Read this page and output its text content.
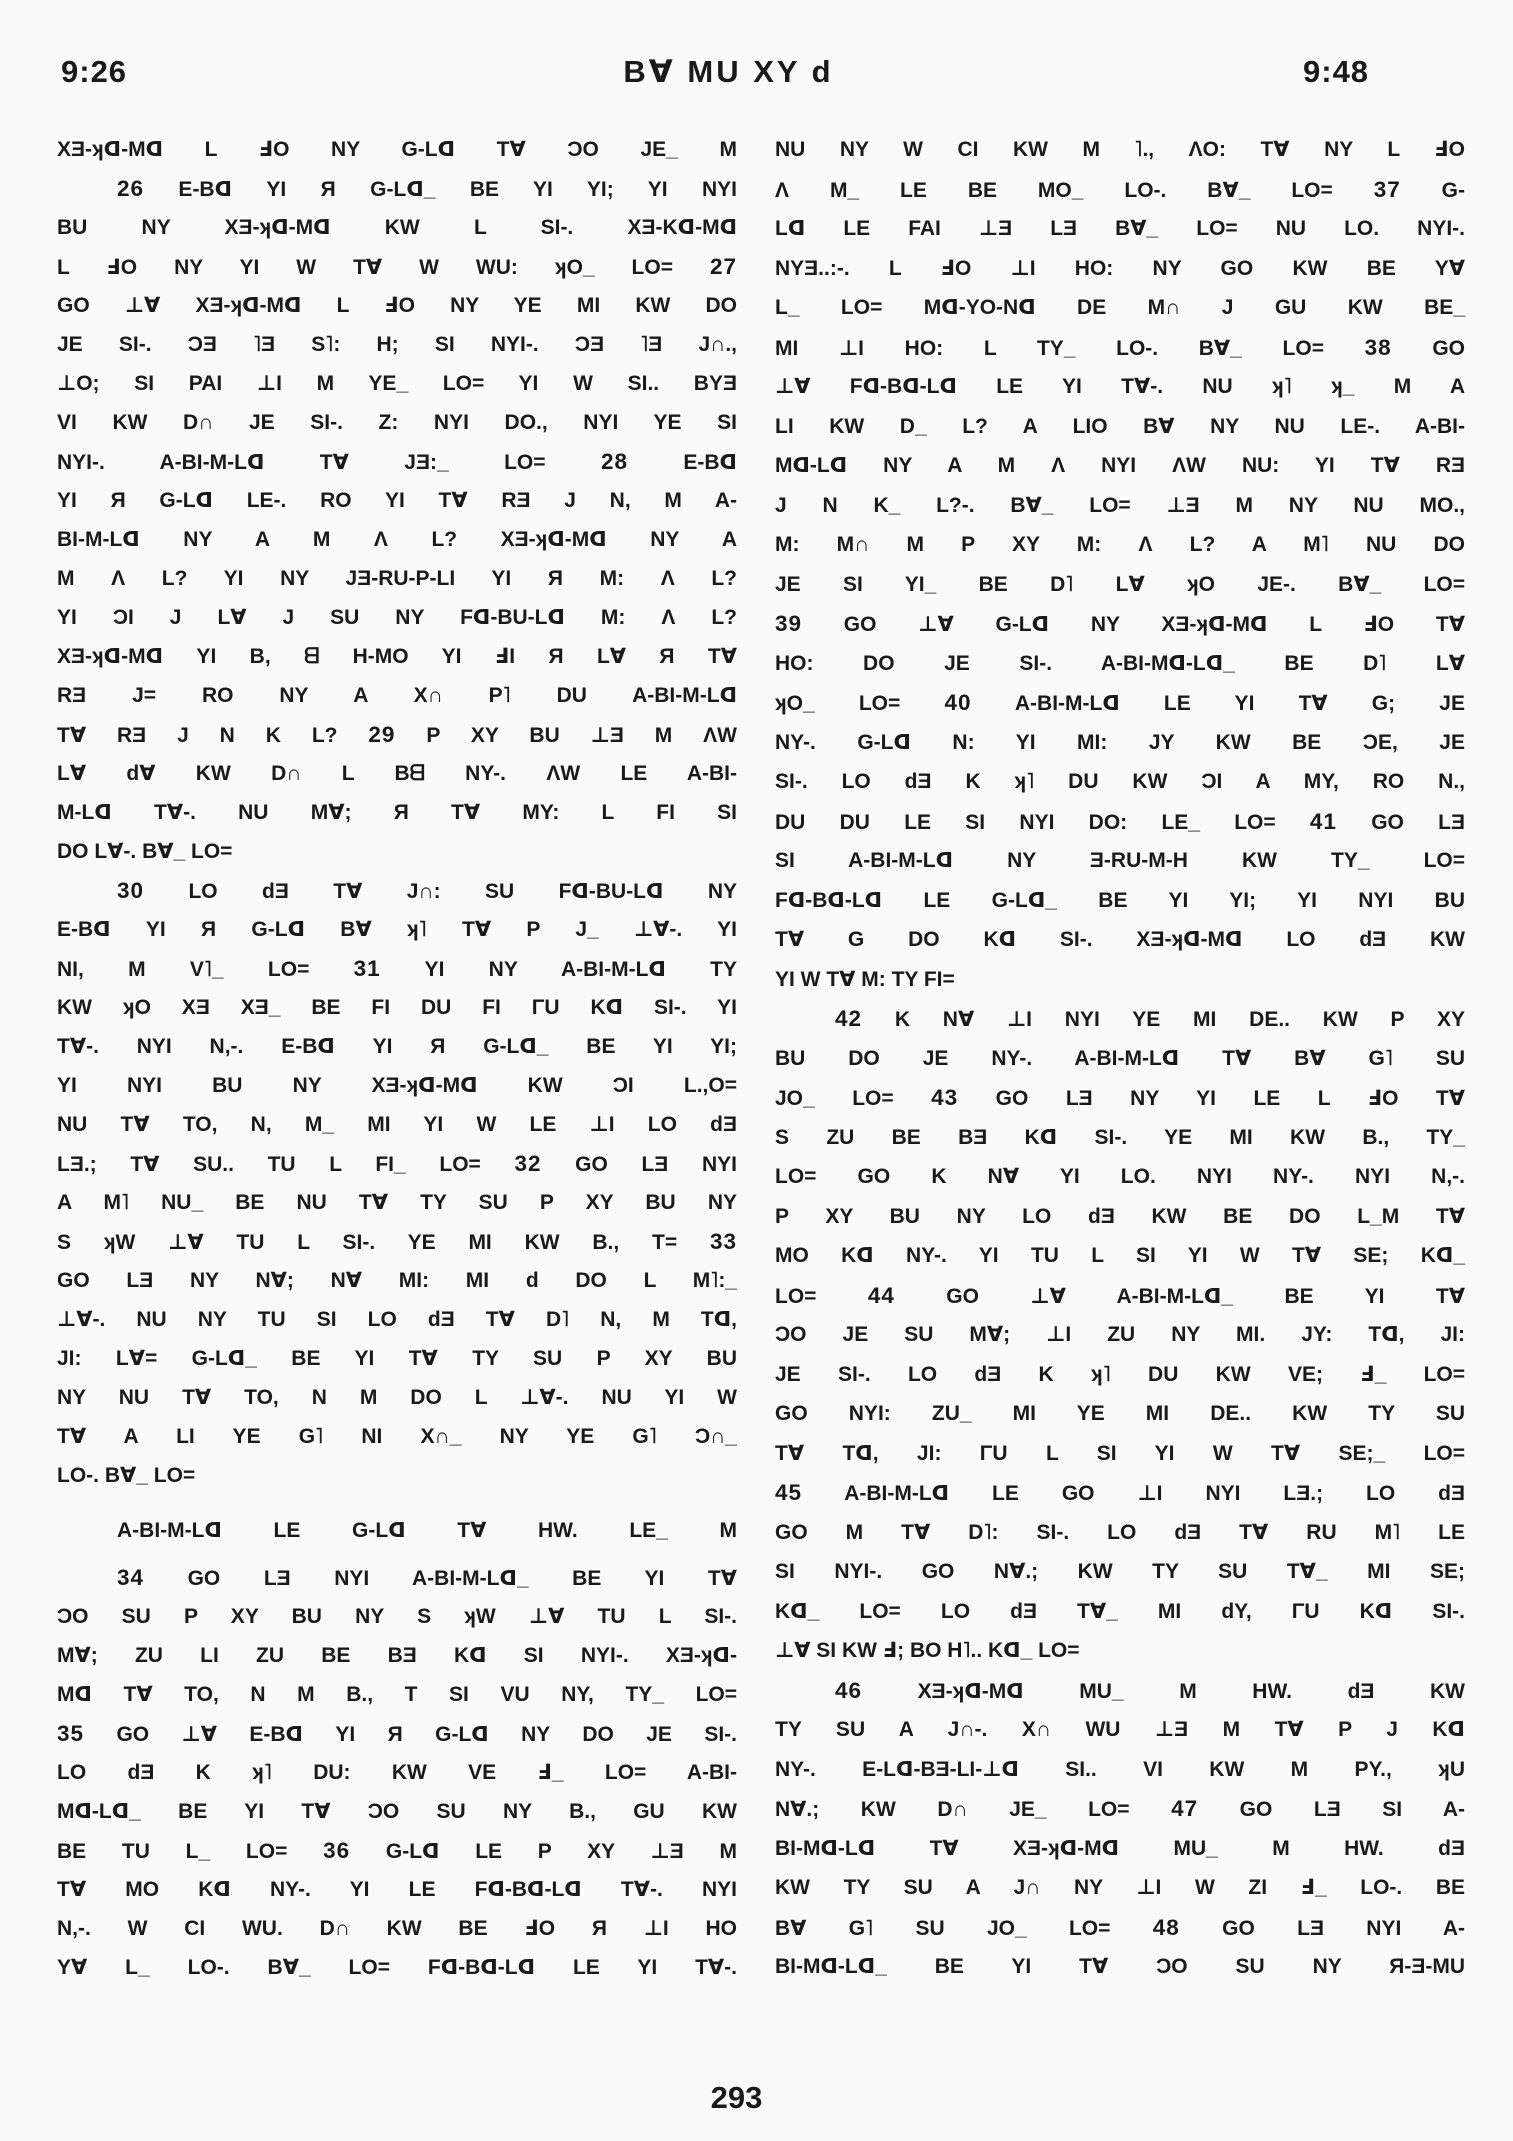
9:26	B∀ MU XY d	9:48
XƎ-ʞᗡ-Mᗡ L ℲO NY G-Lᗡ T∀ ƆO JE_ M
26 E-Bᗡ YI Я G-Lᗡ_ BE YI YI; YI NYI
BU NY XƎ-ʞᗡ-Mᗡ KW L SI-. XƎ-Kᗡ-Mᗡ
L ℲO NY YI W T∀ W WU: ʞO_ LO= 27
GO ⊥∀ XƎ-ʞᗡ-Mᗡ L ℲO NY YE MI KW DO
JE SI-. ƆƎ ˥Ǝ S˥: H; SI NYI-. ƆƎ ˥Ǝ J∩.,
⊥O; SI PAI ⊥I M YE_ LO= YI W SI.. BYƎ
VI KW D∩ JE SI-. Z: NYI DO., NYI YE SI
NYI-. A-BI-M-Lᗡ T∀ JƎ:_ LO= 28 E-Bᗡ
YI Я G-Lᗡ LE-. RO YI T∀ RƎ J N, M A-
BI-M-Lᗡ NY A M Λ L? XƎ-ʞᗡ-Mᗡ NY A
M Λ L? YI NY JƎ-RU-P-LI YI Я M: Λ L?
YI ƆI J L∀ J SU NY Fᗡ-BU-Lᗡ M: Λ L?
XƎ-ʞᗡ-Mᗡ YI B, ᗺ H-MO YI ℲI Я L∀ Я T∀
RƎ J= RO NY A X∩ P˥ DU A-BI-M-Lᗡ
T∀ RƎ J N K L? 29 P XY BU ⊥Ǝ M ΛW
L∀ d∀ KW D∩ L Bᗺ NY-. ΛW LE A-BI-
M-Lᗡ T∀-. NU M∀; Я T∀ MY: L FI SI
DO L∀-. B∀_ LO=
30 LO dƎ T∀ J∩: SU Fᗡ-BU-Lᗡ NY
E-Bᗡ YI Я G-Lᗡ B∀ ʞ˥ T∀ P J_ ⊥∀-. YI
NI, M V˥_ LO= 31 YI NY A-BI-M-Lᗡ TY
KW ʞO XƎ XƎ_ BE FI DU FI ΓU Kᗡ SI-. YI
T∀-. NYI N,-. E-Bᗡ YI Я G-Lᗡ_ BE YI YI;
YI NYI BU NY XƎ-ʞᗡ-Mᗡ KW ƆI L.,O=
NU T∀ TO, N, M_ MI YI W LE ⊥I LO dƎ
LƎ.; T∀ SU.. TU L FI_ LO= 32 GO LƎ NYI
A M˥ NU_ BE NU T∀ TY SU P XY BU NY
S ʞW ⊥∀ TU L SI-. YE MI KW B., T= 33
GO LƎ NY N∀; N∀ MI: MI d DO L M˥:_
⊥∀-. NU NY TU SI LO dƎ T∀ D˥ N, M Tᗡ,
JI: L∀= G-Lᗡ_ BE YI T∀ TY SU P XY BU
NY NU T∀ TO, N M DO L ⊥∀-. NU YI W
T∀ A LI YE G˥ NI X∩_ NY YE G˥ Ɔ∩_
LO-. B∀_ LO=
A-BI-M-Lᗡ LE G-Lᗡ T∀ HW. LE_ M
34 GO LƎ NYI A-BI-M-Lᗡ_ BE YI T∀
ƆO SU P XY BU NY S ʞW ⊥∀ TU L SI-.
M∀; ZU LI ZU BE BƎ Kᗡ SI NYI-. XƎ-ʞᗡ-
Mᗡ T∀ TO, N M B., T SI VU NY, TY_ LO=
35 GO ⊥∀ E-Bᗡ YI Я G-Lᗡ NY DO JE SI-.
LO dƎ K ʞ˥ DU: KW VE Ⅎ_ LO= A-BI-
Mᗡ-Lᗡ_ BE YI T∀ ƆO SU NY B., GU KW
BE TU L_ LO= 36 G-Lᗡ LE P XY ⊥Ǝ M
T∀ MO Kᗡ NY-. YI LE Fᗡ-Bᗡ-Lᗡ T∀-. NYI
N,-. W CI WU. D∩ KW BE ℲO Я ⊥I HO
Y∀ L_ LO-. B∀_ LO= Fᗡ-Bᗡ-Lᗡ LE YI T∀-.
NU NY W CI KW M ˥., ΛO: T∀ NY L ℲO
Λ M_ LE BE MO_ LO-. B∀_ LO= 37 G-
Lᗡ LE FAI ⊥Ǝ LƎ B∀_ LO= NU LO. NYI-.
NYƎ..:-. L ℲO ⊥I HO: NY GO KW BE Y∀
L_ LO= Mᗡ-YO-Nᗡ DE M∩ J GU KW BE_
MI ⊥I HO: L TY_ LO-. B∀_ LO= 38 GO
⊥∀ Fᗡ-Bᗡ-Lᗡ LE YI T∀-. NU ʞ˥ ʞ_ M A
LI KW D_ L? A LIO B∀ NY NU LE-. A-BI-
Mᗡ-Lᗡ NY A M Λ NYI ΛW NU: YI T∀ RƎ
J N K_ L?-. B∀_ LO= ⊥Ǝ M NY NU MO.,
M: M∩ M P XY M: Λ L? A M˥ NU DO
JE SI YI_ BE D˥ L∀ ʞO JE-. B∀_ LO=
39 GO ⊥∀ G-Lᗡ NY XƎ-ʞᗡ-Mᗡ L ℲO T∀
HO: DO JE SI-. A-BI-Mᗡ-Lᗡ_ BE D˥ L∀
ʞO_ LO= 40 A-BI-M-Lᗡ LE YI T∀ G; JE
NY-. G-Lᗡ N: YI MI: JY KW BE ƆE, JE
SI-. LO dƎ K ʞ˥ DU KW ƆI A MY, RO N.,
DU DU LE SI NYI DO: LE_ LO= 41 GO LƎ
SI A-BI-M-Lᗡ NY Ǝ-RU-M-H KW TY_ LO=
Fᗡ-Bᗡ-Lᗡ LE G-Lᗡ_ BE YI YI; YI NYI BU
T∀ G DO Kᗡ SI-. XƎ-ʞᗡ-Mᗡ LO dƎ KW
YI W T∀ M: TY FI=
42 K N∀ ⊥I NYI YE MI DE.. KW P XY
BU DO JE NY-. A-BI-M-Lᗡ T∀ B∀ G˥ SU
JO_ LO= 43 GO LƎ NY YI LE L ℲO T∀
S ZU BE BƎ Kᗡ SI-. YE MI KW B., TY_
LO= GO K N∀ YI LO. NYI NY-. NYI N,-.
P XY BU NY LO dƎ KW BE DO L_M T∀
MO Kᗡ NY-. YI TU L SI YI W T∀ SE; Kᗡ_
LO= 44 GO ⊥∀ A-BI-M-Lᗡ_ BE YI T∀
ƆO JE SU M∀; ⊥I ZU NY MI. JY: Tᗡ, JI:
JE SI-. LO dƎ K ʞ˥ DU KW VE; Ⅎ_ LO=
GO NYI: ZU_ MI YE MI DE.. KW TY SU
T∀ Tᗡ, JI: ΓU L SI YI W T∀ SE;_ LO=
45 A-BI-M-Lᗡ LE GO ⊥I NYI LƎ.; LO dƎ
GO M T∀ D˥: SI-. LO dƎ T∀ RU M˥ LE
SI NYI-. GO N∀.; KW TY SU T∀_ MI SE;
Kᗡ_ LO= LO dƎ T∀_ MI dY, ΓU Kᗡ SI-.
⊥∀ SI KW Ⅎ; BO H˥.. Kᗡ_ LO=
46 XƎ-ʞᗡ-Mᗡ MU_ M HW. dƎ KW
TY SU A J∩-. X∩ WU ⊥Ǝ M T∀ P J Kᗡ
NY-. E-Lᗡ-BƎ-LI-⊥ᗡ SI.. VI KW M PY., ʞU
N∀.; KW D∩ JE_ LO= 47 GO LƎ SI A-
BI-Mᗡ-Lᗡ T∀ XƎ-ʞᗡ-Mᗡ MU_ M HW. dƎ
KW TY SU A J∩ NY ⊥I W ZI Ⅎ_ LO-. BE
B∀ G˥ SU JO_ LO= 48 GO LƎ NYI A-
BI-Mᗡ-Lᗡ_ BE YI T∀ ƆO SU NY Я-Ǝ-MU
293
